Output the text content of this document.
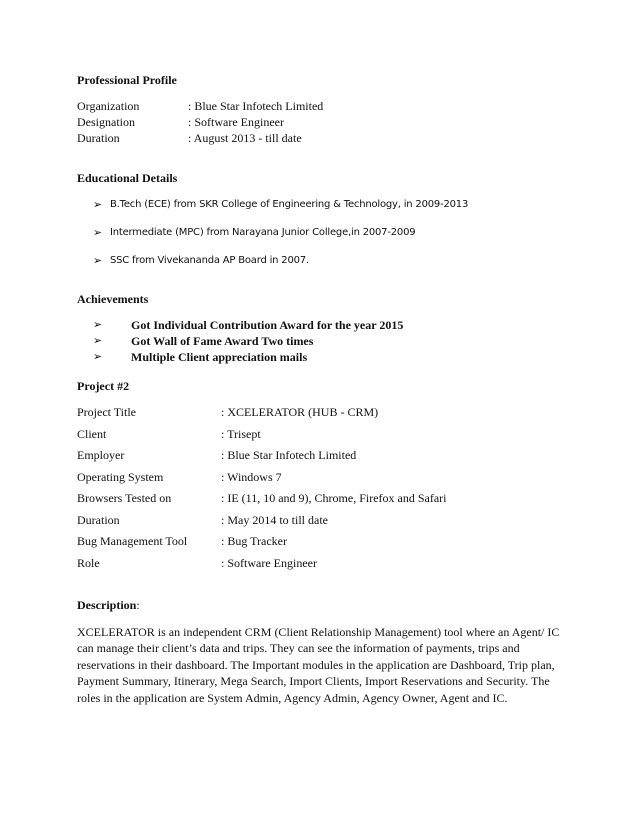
Professional Profile
Organization	: Blue Star Infotech Limited
Designation	: Software Engineer
Duration	: August 2013 - till date
Educational Details
➢ B.Tech (ECE) from SKR College of Engineering & Technology, in 2009-2013
➢ Intermediate (MPC) from Narayana Junior College,in 2007-2009
➢ SSC from Vivekananda AP Board in 2007.
Achievements
➢ Got Individual Contribution Award for the year 2015
➢ Got Wall of Fame Award Two times
➢ Multiple Client appreciation mails
Project #2
Project Title	: XCELERATOR (HUB - CRM)
Client	: Trisept
Employer	: Blue Star Infotech Limited
Operating System	: Windows 7
Browsers Tested on	: IE (11, 10 and 9), Chrome, Firefox and Safari
Duration	: May 2014 to till date
Bug Management Tool	: Bug Tracker
Role	: Software Engineer
Description:

XCELERATOR is an independent CRM (Client Relationship Management) tool where an Agent/ IC can manage their client’s data and trips. They can see the information of payments, trips and reservations in their dashboard. The Important modules in the application are Dashboard, Trip plan, Payment Summary, Itinerary, Mega Search, Import Clients, Import Reservations and Security. The roles in the application are System Admin, Agency Admin, Agency Owner, Agent and IC.
